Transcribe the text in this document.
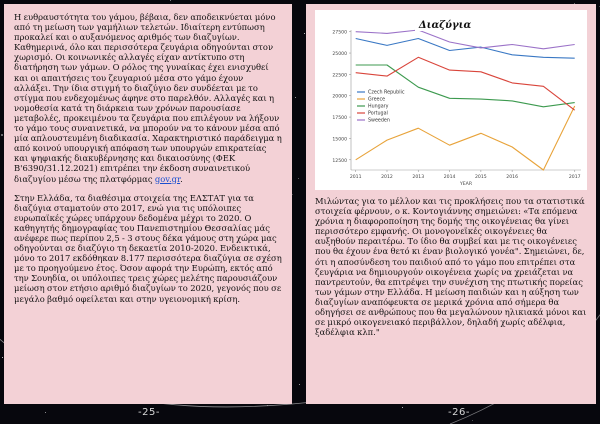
Η ευθραυστότητα του γάμου, βέβαια, δεν αποδεικνύεται μόνο από τη μείωση των γαμήλιων τελετών. Ιδιαίτερη εντύπωση προκαλεί και ο αυξανόμενος αριθμός των διαζυγίων. Καθημερινά, όλο και περισσότερα ζευγάρια οδηγούνται στον χωρισμό. Οι κοινωνικές αλλαγές είχαν αντίκτυπο στη διατήρηση των γάμων. Ο ρόλος της γυναίκας έχει ενισχυθεί και οι απαιτήσεις του ζευγαριού μέσα στο γάμο έχουν αλλάξει. Την ίδια στιγμή το διαζύγιο δεν συνδέεται με το στίγμα που ενδεχομένως άφηνε στο παρελθόν. Αλλαγές και η νομοθεσία κατά τη διάρκεια των χρόνων παρουσίασε μεταβολές, προκειμένου τα ζευγάρια που επιλέγουν να λήξουν το γάμο τους συναινετικά, να μπορούν να το κάνουν μέσα από μία απλουστευμένη διαδικασία. Χαρακτηριστικό παράδειγμα η από κοινού υπουργική απόφαση των υπουργών επικρατείας και ψηφιακής διακυβέρνησης και δικαιοσύνης (ΦΕΚ Β'6390/31.12.2021) επιτρέπει την έκδοση συναινετικού διαζυγίου μέσω της πλατφόρμας gov.gr.

Στην Ελλάδα, τα διαθέσιμα στοιχεία της ΕΛΣΤΑΤ για τα διαζύγια σταματούν στο 2017, ενώ για τις υπόλοιπες ευρωπαϊκές χώρες υπάρχουν δεδομένα μέχρι το 2020. Ο καθηγητής δημογραφίας του Πανεπιστημίου Θεσσαλίας μάς ανέφερε πως περίπου 2,5 - 3 στους δέκα γάμους στη χώρα μας οδηγούνται σε διαζύγιο τη δεκαετία 2010-2020. Ενδεικτικά, μόνο το 2017 εκδόθηκαν 8.177 περισσότερα διαζύγια σε σχέση με το προηγούμενο έτος. Όσον αφορά την Ευρώπη, εκτός από την Σουηδία, οι υπόλοιπες τρεις χώρες μελέτης παρουσιάζουν μείωση στον ετήσιο αριθμό διαζυγίων το 2020, γεγονός που σε μεγάλο βαθμό οφείλεται και στην υγειονομική κρίση.

12500
15000
17500
20000
22500
25000
27500
2011	2012	2013	2014	2015	2016	2017
YEAR
Czech Republic
Greece
Hungary
Portugal
Sweeden
Διαζύγια

Μιλώντας για το μέλλον και τις προκλήσεις που τα στατιστικά στοιχεία φέρνουν, ο κ. Κοντογιάννης σημειώνει: «Τα επόμενα χρόνια η διαφοροποίηση της δομής της οικογένειας θα γίνει περισσότερο εμφανής. Οι μονογονεϊκές οικογένειες θα αυξηθούν περαιτέρω. Το ίδιο θα συμβεί και με τις οικογένειες που θα έχουν ένα θετό κι έναν βιολογικό γονέα". Σημειώνει, δε, ότι η αποσύνδεση του παιδιού από το γάμο που επιτρέπει στα ζευγάρια να δημιουργούν οικογένεια χωρίς να χρειάζεται να παντρευτούν, θα επιτρέψει την συνέχιση της πτωτικής πορείας των γάμων στην Ελλάδα. Η μείωση παιδιών και η αύξηση των διαζυγίων αναπόφευκτα σε μερικά χρόνια από σήμερα θα οδηγήσει σε ανθρώπους που θα μεγαλώνουν ηλικιακά μόνοι και σε μικρό οικογενειακό περιβάλλον, δηλαδή χωρίς αδέλφια, ξαδέλφια κλπ."

-25-	-26-
